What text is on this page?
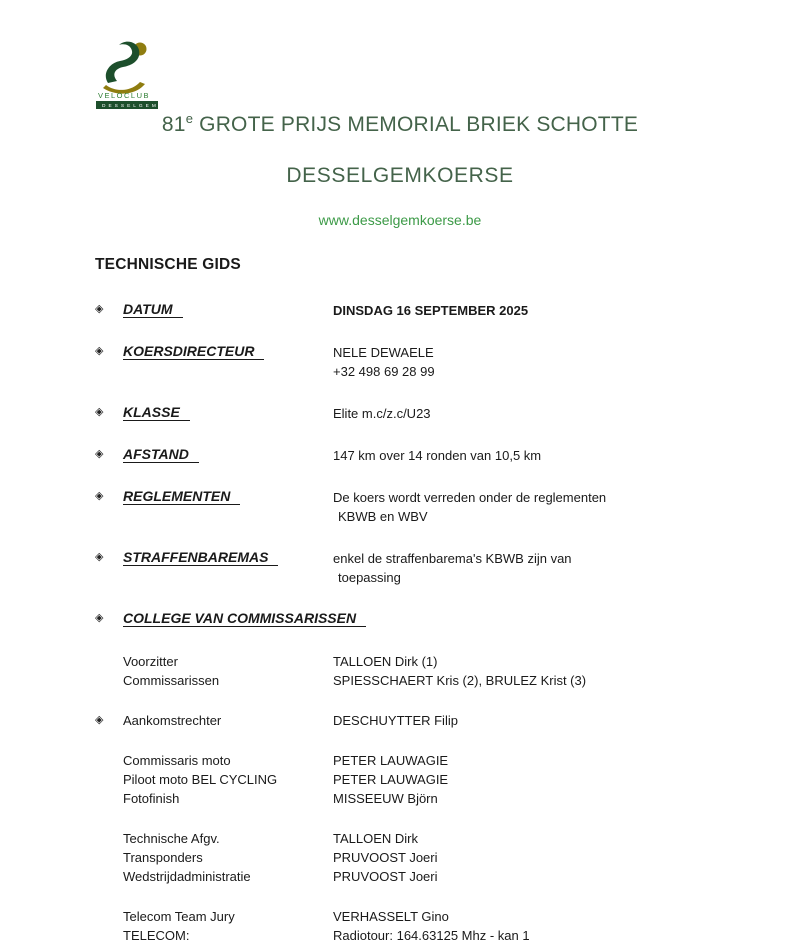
VELOCLUB
DESSELGEM
81e GROTE PRIJS MEMORIAL BRIEK SCHOTTE
DESSELGEMKOERSE
www.desselgemkoerse.be
TECHNISCHE GIDS
◈	DATUM	DINSDAG 16 SEPTEMBER 2025
◈	KOERSDIRECTEUR	NELE DEWAELE
+32 498 69 28 99
◈	KLASSE	Elite m.c/z.c/U23
◈	AFSTAND	147 km over 14 ronden van 10,5 km
◈	REGLEMENTEN	De koers wordt verreden onder de reglementen
KBWB en WBV
◈	STRAFFENBAREMAS	enkel de straffenbarema's KBWB zijn van
toepassing
◈	COLLEGE VAN COMMISSARISSEN
Voorzitter	TALLOEN Dirk (1)
Commissarissen	SPIESSCHAERT Kris (2), BRULEZ Krist (3)
◈	Aankomstrechter	DESCHUYTTER Filip
Commissaris moto	PETER LAUWAGIE
Piloot moto BEL CYCLING	PETER LAUWAGIE
Fotofinish	MISSEEUW Björn
Technische Afgv.	TALLOEN Dirk
Transponders	PRUVOOST Joeri
Wedstrijdadministratie	PRUVOOST Joeri
Telecom Team Jury	VERHASSELT Gino
TELECOM:	Radiotour: 164.63125 Mhz - kan 1
